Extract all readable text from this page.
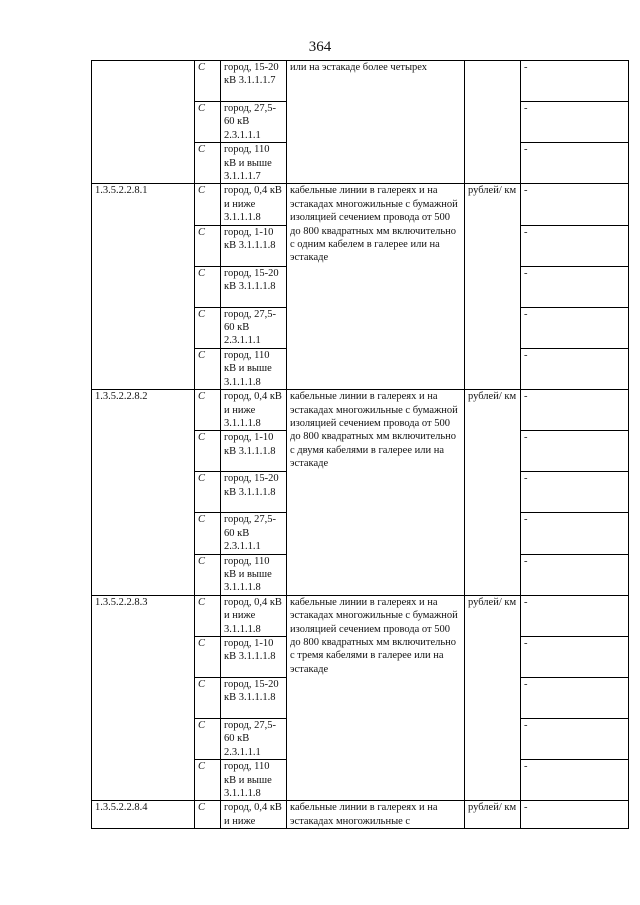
364
	С	город, 15-20 кВ 3.1.1.1.7	или на эстакаде более четырех		-
	С	город, 27,5-60 кВ 2.3.1.1.1			-
	С	город, 110 кВ и выше 3.1.1.1.7			-
1.3.5.2.2.8.1	С	город, 0,4 кВ и ниже 3.1.1.1.8	кабельные линии в галереях и на эстакадах многожильные с бумажной изоляцией сечением провода от 500 до 800 квадратных мм включительно с одним кабелем в галерее или на эстакаде	рублей/ км	-
	С	город, 1-10 кВ 3.1.1.1.8			-
	С	город, 15-20 кВ 3.1.1.1.8			-
	С	город, 27,5-60 кВ 2.3.1.1.1			-
	С	город, 110 кВ и выше 3.1.1.1.8			-
1.3.5.2.2.8.2	С	город, 0,4 кВ и ниже 3.1.1.1.8	кабельные линии в галереях и на эстакадах многожильные с бумажной изоляцией сечением провода от 500 до 800 квадратных мм включительно с двумя кабелями в галерее или на эстакаде	рублей/ км	-
	С	город, 1-10 кВ 3.1.1.1.8			-
	С	город, 15-20 кВ 3.1.1.1.8			-
	С	город, 27,5-60 кВ 2.3.1.1.1			-
	С	город, 110 кВ и выше 3.1.1.1.8			-
1.3.5.2.2.8.3	С	город, 0,4 кВ и ниже 3.1.1.1.8	кабельные линии в галереях и на эстакадах многожильные с бумажной изоляцией сечением провода от 500 до 800 квадратных мм включительно с тремя кабелями в галерее или на эстакаде	рублей/ км	-
	С	город, 1-10 кВ 3.1.1.1.8			-
	С	город, 15-20 кВ 3.1.1.1.8			-
	С	город, 27,5-60 кВ 2.3.1.1.1			-
	С	город, 110 кВ и выше 3.1.1.1.8			-
1.3.5.2.2.8.4	С	город, 0,4 кВ и ниже	кабельные линии в галереях и на эстакадах многожильные с	рублей/ км	-
